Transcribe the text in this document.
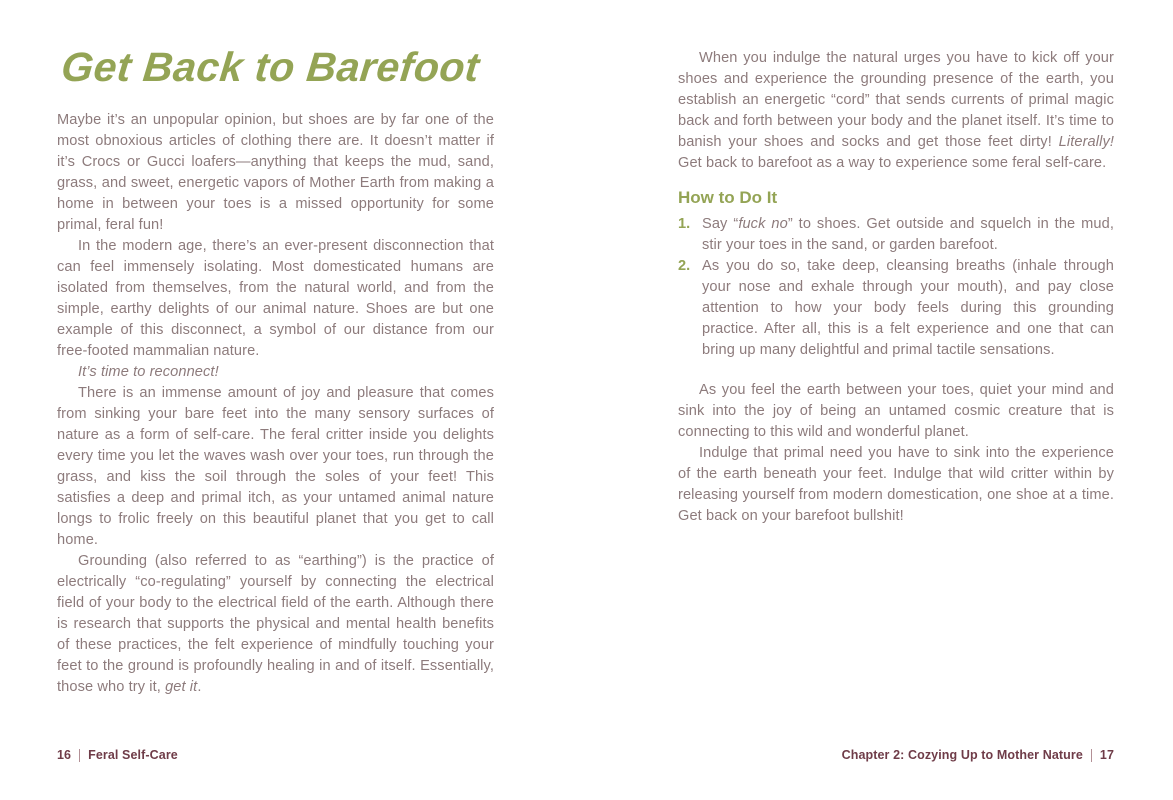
Get Back to Barefoot

Maybe it’s an unpopular opinion, but shoes are by far one of the most obnoxious articles of clothing there are. It doesn’t matter if it’s Crocs or Gucci loafers—anything that keeps the mud, sand, grass, and sweet, energetic vapors of Mother Earth from making a home in between your toes is a missed opportunity for some primal, feral fun!

In the modern age, there’s an ever-present disconnection that can feel immensely isolating. Most domesticated humans are isolated from themselves, from the natural world, and from the simple, earthy delights of our animal nature. Shoes are but one example of this disconnect, a symbol of our distance from our free-footed mammalian nature.

It’s time to reconnect!

There is an immense amount of joy and pleasure that comes from sinking your bare feet into the many sensory surfaces of nature as a form of self-care. The feral critter inside you delights every time you let the waves wash over your toes, run through the grass, and kiss the soil through the soles of your feet! This satisfies a deep and primal itch, as your untamed animal nature longs to frolic freely on this beautiful planet that you get to call home.

Grounding (also referred to as “earthing”) is the practice of electrically “co-regulating” yourself by connecting the electrical field of your body to the electrical field of the earth. Although there is research that supports the physical and mental health benefits of these practices, the felt experience of mindfully touching your feet to the ground is profoundly healing in and of itself. Essentially, those who try it, get it.

When you indulge the natural urges you have to kick off your shoes and experience the grounding presence of the earth, you establish an energetic “cord” that sends currents of primal magic back and forth between your body and the planet itself. It’s time to banish your shoes and socks and get those feet dirty! Literally! Get back to barefoot as a way to experience some feral self-care.

How to Do It
1. Say “fuck no” to shoes. Get outside and squelch in the mud, stir your toes in the sand, or garden barefoot.
2. As you do so, take deep, cleansing breaths (inhale through your nose and exhale through your mouth), and pay close attention to how your body feels during this grounding practice. After all, this is a felt experience and one that can bring up many delightful and primal tactile sensations.

As you feel the earth between your toes, quiet your mind and sink into the joy of being an untamed cosmic creature that is connecting to this wild and wonderful planet.

Indulge that primal need you have to sink into the experience of the earth beneath your feet. Indulge that wild critter within by releasing yourself from modern domestication, one shoe at a time. Get back on your barefoot bullshit!

16 Feral Self-Care	Chapter 2: Cozying Up to Mother Nature 17
